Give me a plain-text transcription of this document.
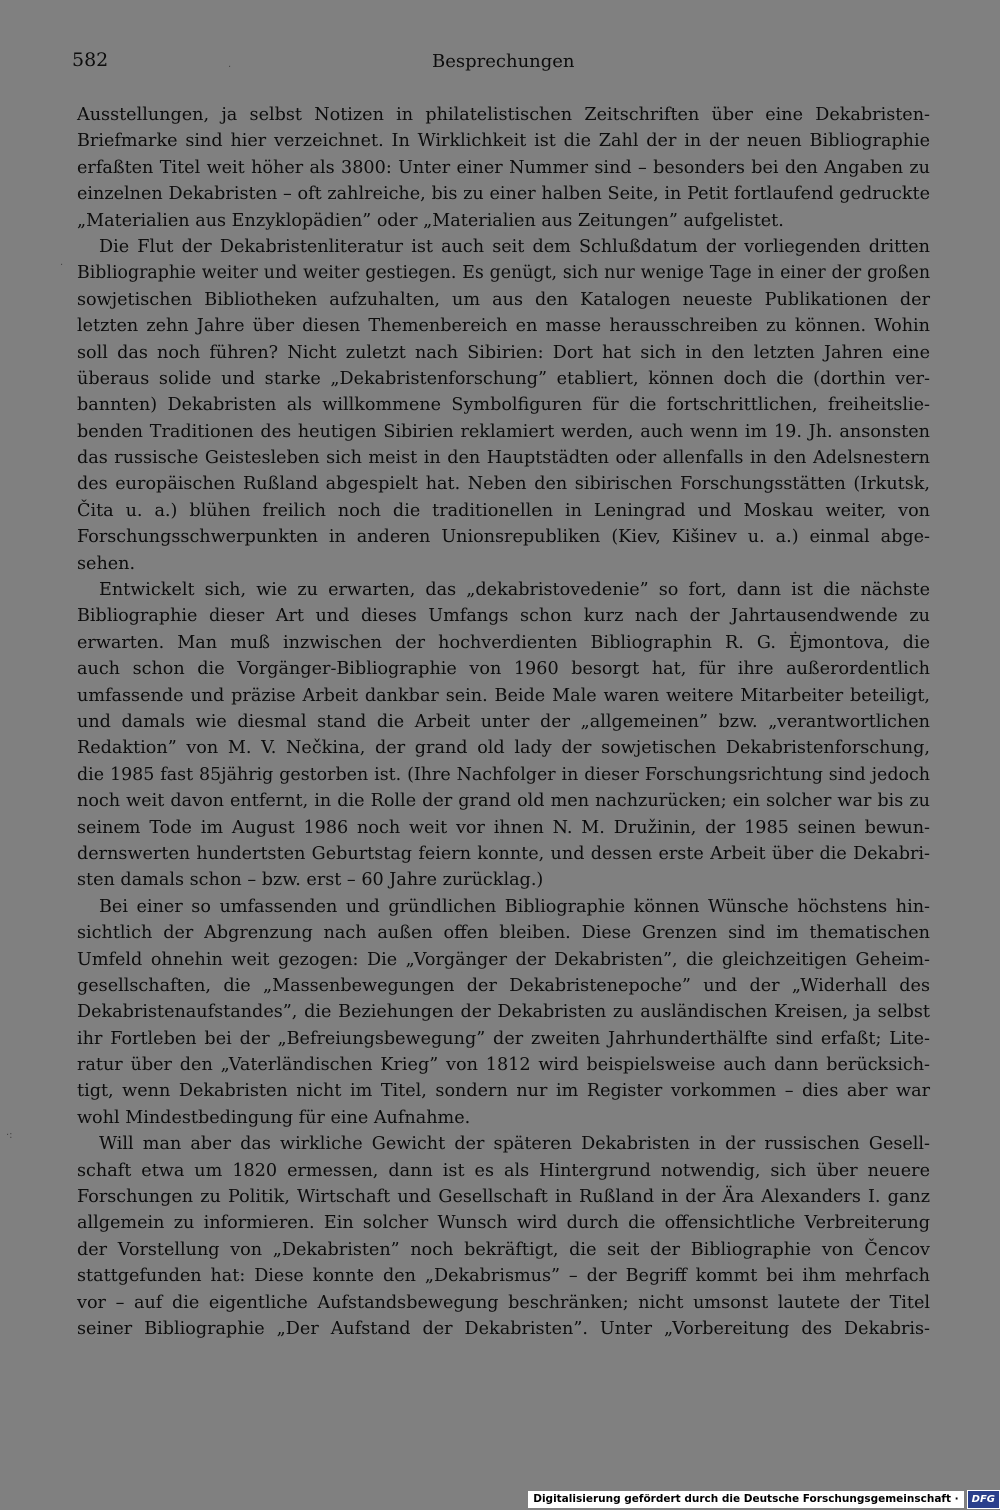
582	Besprechungen
·
·
·:
Ausstellungen, ja selbst Notizen in philatelistischen Zeitschriften über eine Dekabristen-
Briefmarke sind hier verzeichnet. In Wirklichkeit ist die Zahl der in der neuen Bibliographie
erfaßten Titel weit höher als 3800: Unter einer Nummer sind – besonders bei den Angaben zu
einzelnen Dekabristen – oft zahlreiche, bis zu einer halben Seite, in Petit fortlaufend gedruckte
„Materialien aus Enzyklopädien” oder „Materialien aus Zeitungen” aufgelistet.
Die Flut der Dekabristenliteratur ist auch seit dem Schlußdatum der vorliegenden dritten
Bibliographie weiter und weiter gestiegen. Es genügt, sich nur wenige Tage in einer der großen
sowjetischen Bibliotheken aufzuhalten, um aus den Katalogen neueste Publikationen der
letzten zehn Jahre über diesen Themenbereich en masse herausschreiben zu können. Wohin
soll das noch führen? Nicht zuletzt nach Sibirien: Dort hat sich in den letzten Jahren eine
überaus solide und starke „Dekabristenforschung” etabliert, können doch die (dorthin ver-
bannten) Dekabristen als willkommene Symbolfiguren für die fortschrittlichen, freiheitslie-
benden Traditionen des heutigen Sibirien reklamiert werden, auch wenn im 19. Jh. ansonsten
das russische Geistesleben sich meist in den Hauptstädten oder allenfalls in den Adelsnestern
des europäischen Rußland abgespielt hat. Neben den sibirischen Forschungsstätten (Irkutsk,
Čita u. a.) blühen freilich noch die traditionellen in Leningrad und Moskau weiter, von
Forschungsschwerpunkten in anderen Unionsrepubliken (Kiev, Kišinev u. a.) einmal abge-
sehen.
Entwickelt sich, wie zu erwarten, das „dekabristovedenie” so fort, dann ist die nächste
Bibliographie dieser Art und dieses Umfangs schon kurz nach der Jahrtausendwende zu
erwarten. Man muß inzwischen der hochverdienten Bibliographin R. G. Ėjmontova, die
auch schon die Vorgänger-Bibliographie von 1960 besorgt hat, für ihre außerordentlich
umfassende und präzise Arbeit dankbar sein. Beide Male waren weitere Mitarbeiter beteiligt,
und damals wie diesmal stand die Arbeit unter der „allgemeinen” bzw. „verantwortlichen
Redaktion” von M. V. Nečkina, der grand old lady der sowjetischen Dekabristenforschung,
die 1985 fast 85jährig gestorben ist. (Ihre Nachfolger in dieser Forschungsrichtung sind jedoch
noch weit davon entfernt, in die Rolle der grand old men nachzurücken; ein solcher war bis zu
seinem Tode im August 1986 noch weit vor ihnen N. M. Družinin, der 1985 seinen bewun-
dernswerten hundertsten Geburtstag feiern konnte, und dessen erste Arbeit über die Dekabri-
sten damals schon – bzw. erst – 60 Jahre zurücklag.)
Bei einer so umfassenden und gründlichen Bibliographie können Wünsche höchstens hin-
sichtlich der Abgrenzung nach außen offen bleiben. Diese Grenzen sind im thematischen
Umfeld ohnehin weit gezogen: Die „Vorgänger der Dekabristen”, die gleichzeitigen Geheim-
gesellschaften, die „Massenbewegungen der Dekabristenepoche” und der „Widerhall des
Dekabristenaufstandes”, die Beziehungen der Dekabristen zu ausländischen Kreisen, ja selbst
ihr Fortleben bei der „Befreiungsbewegung” der zweiten Jahrhunderthälfte sind erfaßt; Lite-
ratur über den „Vaterländischen Krieg” von 1812 wird beispielsweise auch dann berücksich-
tigt, wenn Dekabristen nicht im Titel, sondern nur im Register vorkommen – dies aber war
wohl Mindestbedingung für eine Aufnahme.
Will man aber das wirkliche Gewicht der späteren Dekabristen in der russischen Gesell-
schaft etwa um 1820 ermessen, dann ist es als Hintergrund notwendig, sich über neuere
Forschungen zu Politik, Wirtschaft und Gesellschaft in Rußland in der Ära Alexanders I. ganz
allgemein zu informieren. Ein solcher Wunsch wird durch die offensichtliche Verbreiterung
der Vorstellung von „Dekabristen” noch bekräftigt, die seit der Bibliographie von Čencov
stattgefunden hat: Diese konnte den „Dekabrismus” – der Begriff kommt bei ihm mehrfach
vor – auf die eigentliche Aufstandsbewegung beschränken; nicht umsonst lautete der Titel
seiner Bibliographie „Der Aufstand der Dekabristen”. Unter „Vorbereitung des Dekabris-
Digitalisierung gefördert durch die Deutsche Forschungsgemeinschaft ·	DFG
